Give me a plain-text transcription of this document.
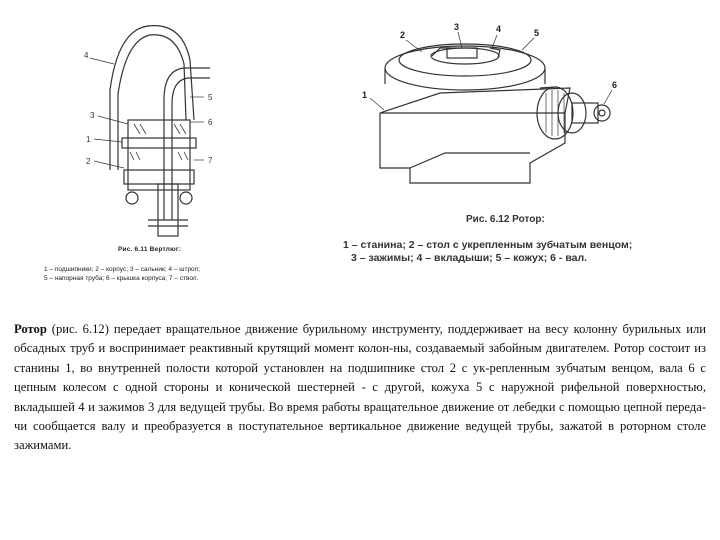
4
5
3
6
1
2	7
Рис. 6.11 Вертлюг:
1 – подшипники; 2 – корпус; 3 – сальник; 4 – штроп;
5 – напорная труба; 6 – крышка корпуса; 7 – ствол.
2
3	4	5
1
6
Рис. 6.12 Ротор:
1 – станина; 2 – стол с укрепленным зубчатым венцом;
3 – зажимы; 4 – вкладыши; 5 – кожух; 6 - вал.
Ротор (рис. 6.12) передает вращательное движение бурильному инструменту, поддерживает на весу колонну бурильных или обсадных труб и воспринимает реактивный крутящий момент колон-ны, создаваемый забойным двигателем. Ротор состоит из станины 1, во внутренней полости которой установлен на подшипнике стол 2 с ук-репленным зубчатым венцом, вала 6 с цепным колесом с одной стороны и конической шестерней - с другой, кожуха 5 с наружной рифельной поверхностью, вкладышей 4 и зажимов 3 для ведущей трубы. Во время работы вращательное движение от лебедки с помощью цепной переда-чи сообщается валу и преобразуется в поступательное вертикальное движение ведущей трубы, зажатой в роторном столе зажимами.
